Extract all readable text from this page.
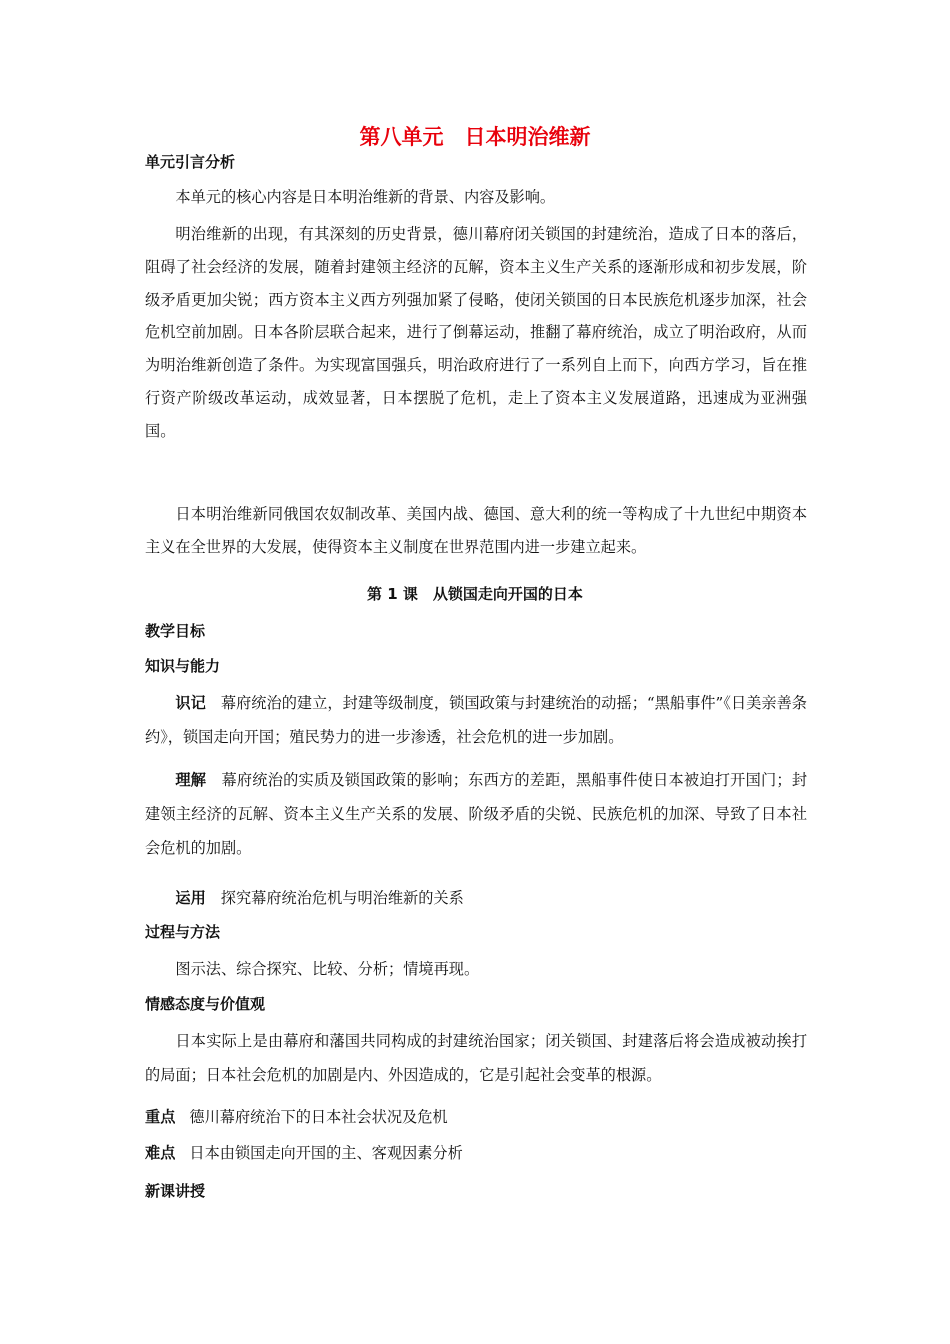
第八单元　日本明治维新
单元引言分析

本单元的核心内容是日本明治维新的背景、内容及影响。

明治维新的出现，有其深刻的历史背景，德川幕府闭关锁国的封建统治，造成了日本的落后，阻碍了社会经济的发展，随着封建领主经济的瓦解，资本主义生产关系的逐渐形成和初步发展，阶级矛盾更加尖锐；西方资本主义西方列强加紧了侵略，使闭关锁国的日本民族危机逐步加深，社会危机空前加剧。日本各阶层联合起来，进行了倒幕运动，推翻了幕府统治，成立了明治政府，从而为明治维新创造了条件。为实现富国强兵，明治政府进行了一系列自上而下，向西方学习，旨在推行资产阶级改革运动，成效显著，日本摆脱了危机，走上了资本主义发展道路，迅速成为亚洲强国。

日本明治维新同俄国农奴制改革、美国内战、德国、意大利的统一等构成了十九世纪中期资本主义在全世界的大发展，使得资本主义制度在世界范围内进一步建立起来。

第 1 课　从锁国走向开国的日本
教学目标
知识与能力

识记 幕府统治的建立，封建等级制度，锁国政策与封建统治的动摇；“黑船事件”《日美亲善条约》，锁国走向开国；殖民势力的进一步渗透，社会危机的进一步加剧。

理解 幕府统治的实质及锁国政策的影响；东西方的差距，黑船事件使日本被迫打开国门；封建领主经济的瓦解、资本主义生产关系的发展、阶级矛盾的尖锐、民族危机的加深、导致了日本社会危机的加剧。

运用 探究幕府统治危机与明治维新的关系

过程与方法

图示法、综合探究、比较、分析；情境再现。

情感态度与价值观

日本实际上是由幕府和藩国共同构成的封建统治国家；闭关锁国、封建落后将会造成被动挨打的局面；日本社会危机的加剧是内、外因造成的，它是引起社会变革的根源。

重点 德川幕府统治下的日本社会状况及危机
难点 日本由锁国走向开国的主、客观因素分析
新课讲授
